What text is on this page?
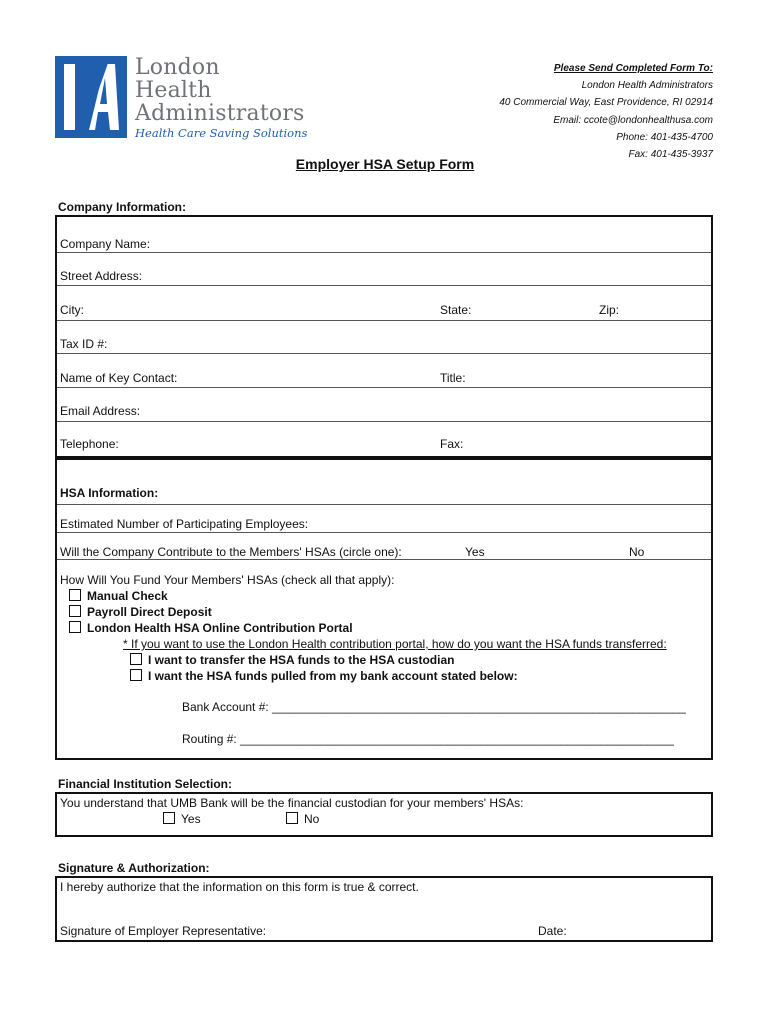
London
Health
Administrators
Health Care Saving Solutions
Please Send Completed Form To:
London Health Administrators
40 Commercial Way, East Providence, RI 02914
Email: ccote@londonhealthusa.com
Phone: 401-435-4700
Fax: 401-435-3937
Employer HSA Setup Form
Company Information:
Company Name:
Street Address:
City:	State:	Zip:
Tax ID #:
Name of Key Contact:	Title:
Email Address:
Telephone:	Fax:
HSA Information:
Estimated Number of Participating Employees:
Will the Company Contribute to the Members' HSAs (circle one):	Yes	No
How Will You Fund Your Members' HSAs (check all that apply):
Manual Check
Payroll Direct Deposit
London Health HSA Online Contribution Portal
* If you want to use the London Health contribution portal, how do you want the HSA funds transferred:
I want to transfer the HSA funds to the HSA custodian
I want the HSA funds pulled from my bank account stated below:
Bank Account #: ______________________________________________________________
Routing #: _________________________________________________________________
Financial Institution Selection:
You understand that UMB Bank will be the financial custodian for your members' HSAs:
Yes	No
Signature & Authorization:
I hereby authorize that the information on this form is true & correct.
Signature of Employer Representative:	Date:
